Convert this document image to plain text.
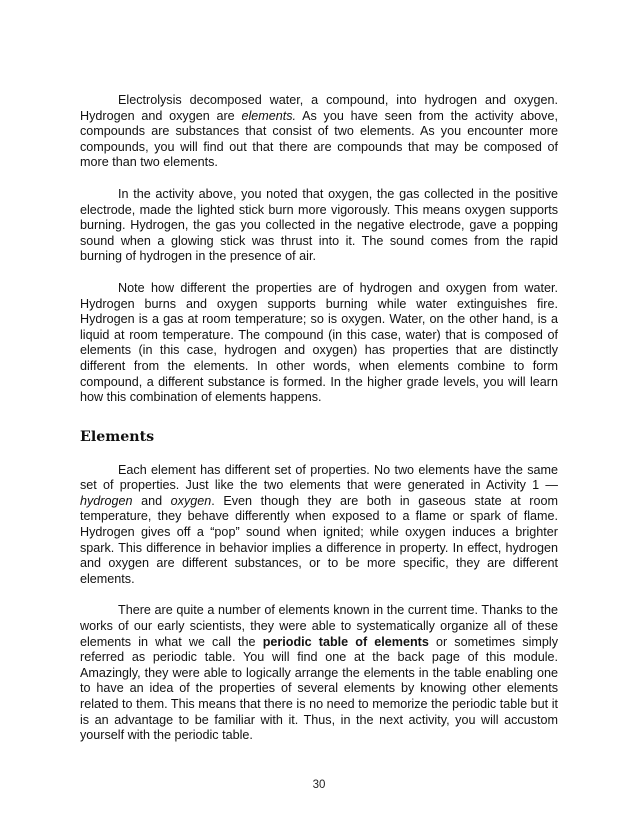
Electrolysis decomposed water, a compound, into hydrogen and oxygen. Hydrogen and oxygen are elements. As you have seen from the activity above, compounds are substances that consist of two elements. As you encounter more compounds, you will find out that there are compounds that may be composed of more than two elements.

In the activity above, you noted that oxygen, the gas collected in the positive electrode, made the lighted stick burn more vigorously. This means oxygen supports burning. Hydrogen, the gas you collected in the negative electrode, gave a popping sound when a glowing stick was thrust into it. The sound comes from the rapid burning of hydrogen in the presence of air.

Note how different the properties are of hydrogen and oxygen from water. Hydrogen burns and oxygen supports burning while water extinguishes fire. Hydrogen is a gas at room temperature; so is oxygen. Water, on the other hand, is a liquid at room temperature. The compound (in this case, water) that is composed of elements (in this case, hydrogen and oxygen) has properties that are distinctly different from the elements. In other words, when elements combine to form compound, a different substance is formed. In the higher grade levels, you will learn how this combination of elements happens.

Elements

Each element has different set of properties. No two elements have the same set of properties. Just like the two elements that were generated in Activity 1 — hydrogen and oxygen. Even though they are both in gaseous state at room temperature, they behave differently when exposed to a flame or spark of flame. Hydrogen gives off a “pop” sound when ignited; while oxygen induces a brighter spark. This difference in behavior implies a difference in property. In effect, hydrogen and oxygen are different substances, or to be more specific, they are different elements.

There are quite a number of elements known in the current time. Thanks to the works of our early scientists, they were able to systematically organize all of these elements in what we call the periodic table of elements or sometimes simply referred as periodic table. You will find one at the back page of this module. Amazingly, they were able to logically arrange the elements in the table enabling one to have an idea of the properties of several elements by knowing other elements related to them. This means that there is no need to memorize the periodic table but it is an advantage to be familiar with it. Thus, in the next activity, you will accustom yourself with the periodic table.

30
